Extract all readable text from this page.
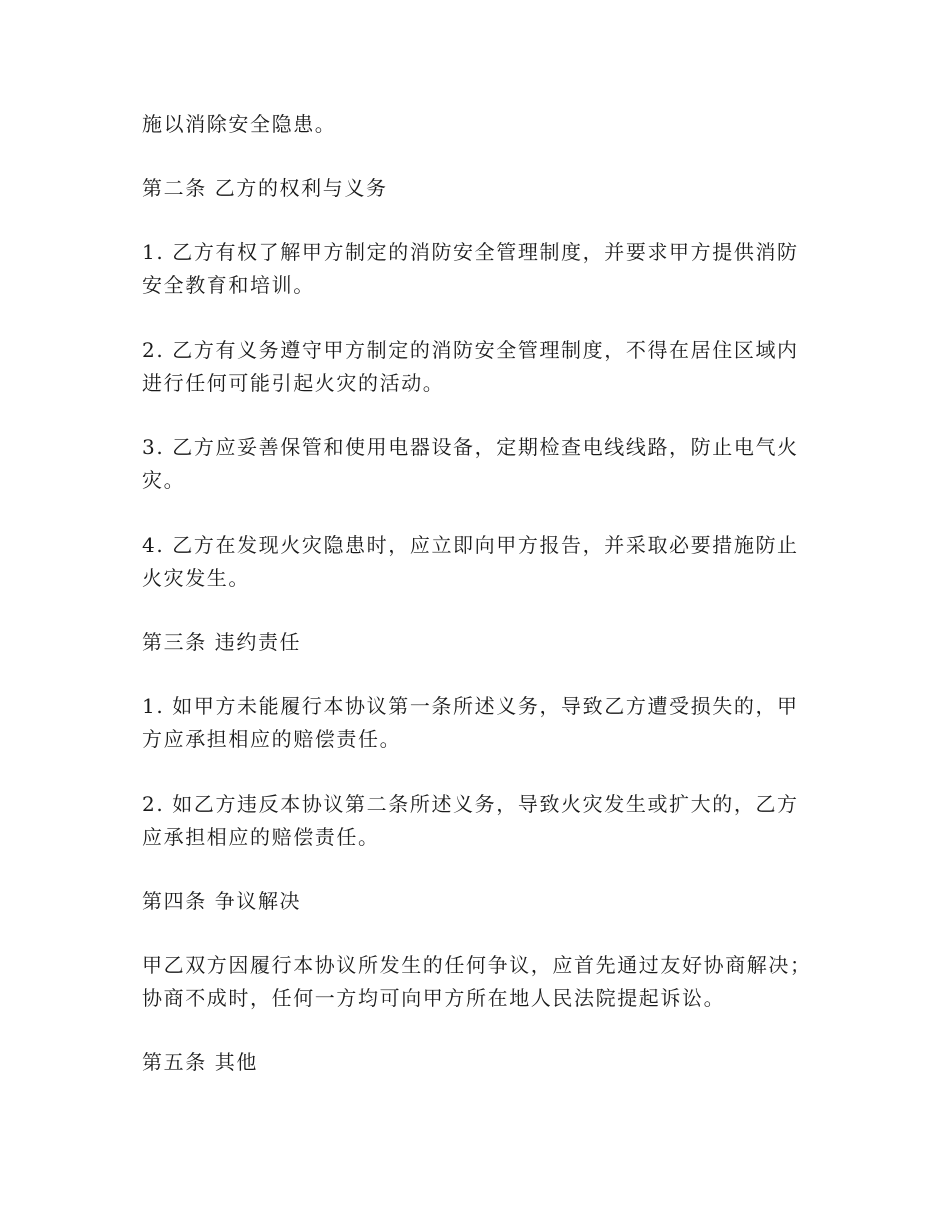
施以消除安全隐患。
第二条 乙方的权利与义务
1. 乙方有权了解甲方制定的消防安全管理制度，并要求甲方提供消防
安全教育和培训。
2. 乙方有义务遵守甲方制定的消防安全管理制度，不得在居住区域内
进行任何可能引起火灾的活动。
3. 乙方应妥善保管和使用电器设备，定期检查电线线路，防止电气火
灾。
4. 乙方在发现火灾隐患时，应立即向甲方报告，并采取必要措施防止
火灾发生。
第三条 违约责任
1. 如甲方未能履行本协议第一条所述义务，导致乙方遭受损失的，甲
方应承担相应的赔偿责任。
2. 如乙方违反本协议第二条所述义务，导致火灾发生或扩大的，乙方
应承担相应的赔偿责任。
第四条 争议解决
甲乙双方因履行本协议所发生的任何争议，应首先通过友好协商解决；
协商不成时，任何一方均可向甲方所在地人民法院提起诉讼。
第五条 其他
